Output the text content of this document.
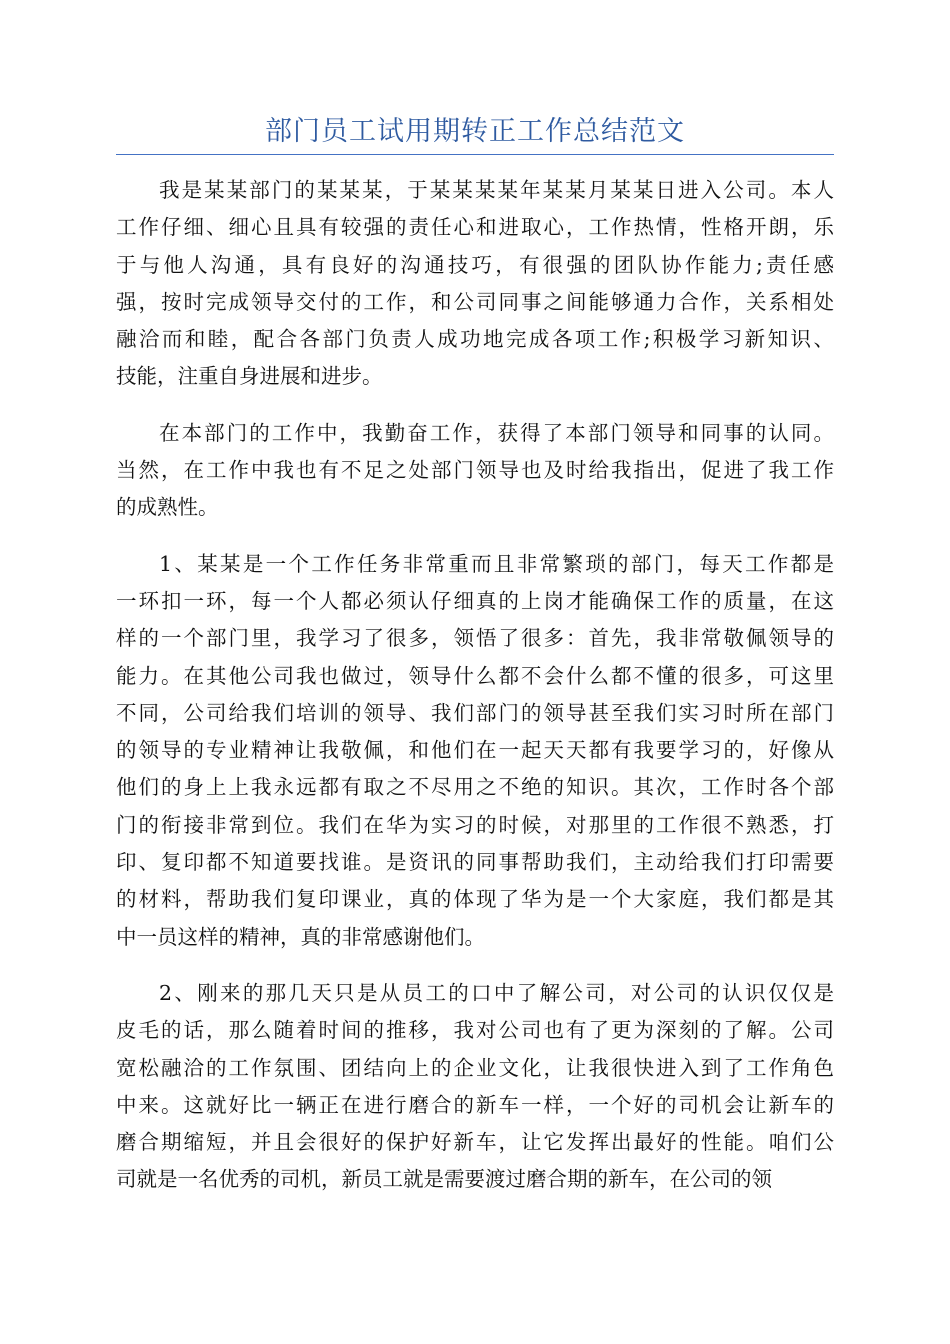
部门员工试用期转正工作总结范文
我是某某部门的某某某，于某某某某年某某月某某日进入公司。本人
工作仔细、细心且具有较强的责任心和进取心，工作热情，性格开朗，乐
于与他人沟通，具有良好的沟通技巧，有很强的团队协作能力;责任感
强，按时完成领导交付的工作，和公司同事之间能够通力合作，关系相处
融洽而和睦，配合各部门负责人成功地完成各项工作;积极学习新知识、
技能，注重自身进展和进步。
在本部门的工作中，我勤奋工作，获得了本部门领导和同事的认同。
当然，在工作中我也有不足之处部门领导也及时给我指出，促进了我工作
的成熟性。
1、某某是一个工作任务非常重而且非常繁琐的部门，每天工作都是
一环扣一环，每一个人都必须认仔细真的上岗才能确保工作的质量，在这
样的一个部门里，我学习了很多，领悟了很多：首先，我非常敬佩领导的
能力。在其他公司我也做过，领导什么都不会什么都不懂的很多，可这里
不同，公司给我们培训的领导、我们部门的领导甚至我们实习时所在部门
的领导的专业精神让我敬佩，和他们在一起天天都有我要学习的，好像从
他们的身上上我永远都有取之不尽用之不绝的知识。其次，工作时各个部
门的衔接非常到位。我们在华为实习的时候，对那里的工作很不熟悉，打
印、复印都不知道要找谁。是资讯的同事帮助我们，主动给我们打印需要
的材料，帮助我们复印课业，真的体现了华为是一个大家庭，我们都是其
中一员这样的精神，真的非常感谢他们。
2、刚来的那几天只是从员工的口中了解公司，对公司的认识仅仅是
皮毛的话，那么随着时间的推移，我对公司也有了更为深刻的了解。公司
宽松融洽的工作氛围、团结向上的企业文化，让我很快进入到了工作角色
中来。这就好比一辆正在进行磨合的新车一样，一个好的司机会让新车的
磨合期缩短，并且会很好的保护好新车，让它发挥出最好的性能。咱们公
司就是一名优秀的司机，新员工就是需要渡过磨合期的新车，在公司的领
